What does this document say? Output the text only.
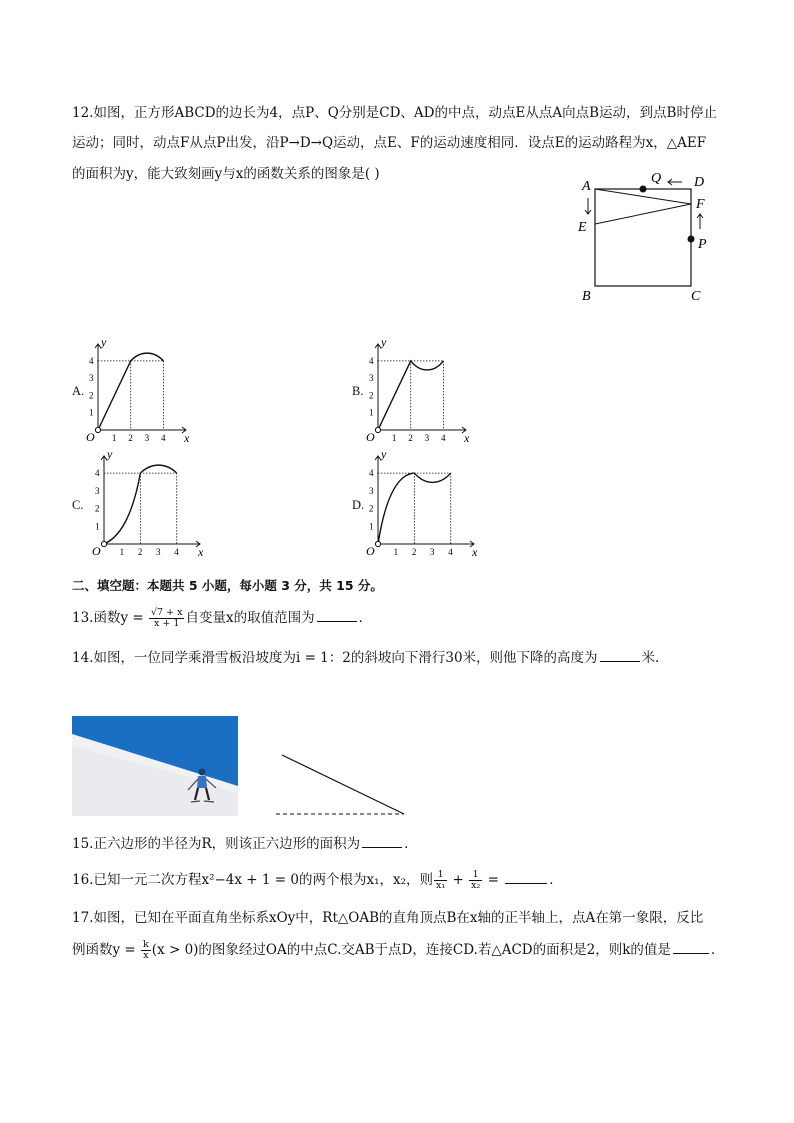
12.如图，正方形ABCD的边长为4，点P、Q分别是CD、AD的中点，动点E从点A向点B运动，到点B时停止
运动；同时，动点F从点P出发，沿P→D→Q运动，点E、F的运动速度相同．设点E的运动路程为x，△AEF
的面积为y，能大致刻画y与x的函数关系的图象是( )
A	D
Q
F
E
P
B	C
A.	B.
C.	D.
x
y
O 1 2 3 4
1
2
3
4
x
y
O 1 2 3 4
1
2
3
4
x
y
O 1 2 3 4
1
2
3
4
x
y
O 1 2 3 4
1
2
3
4
二、填空题：本题共 5 小题，每小题 3 分，共 15 分。
13.函数$y = \frac{√7 + x}{x + 1}$ 自变量x的取值范围为	．
14.如图，一位同学乘滑雪板沿坡度为i = 1：2的斜坡向下滑行30米，则他下降的高度为	米.
15.正六边形的半径为R，则该正六边形的面积为	．
16.已知一元二次方程x²−4x + 1 = 0的两个根为x₁，x₂，则 $\frac{1}{\text{x₁}} + \frac{1}{\text{x₂}}$ =	．
17.如图，已知在平面直角坐标系xOy中，Rt△OAB的直角顶点B在x轴的正半轴上，点A在第一象限，反比
例函数$y = \frac{k}{x} (x > 0)$的图象经过OA的中点C.交AB于点D，连接CD.若△ACD的面积是2，则k的值是	.
